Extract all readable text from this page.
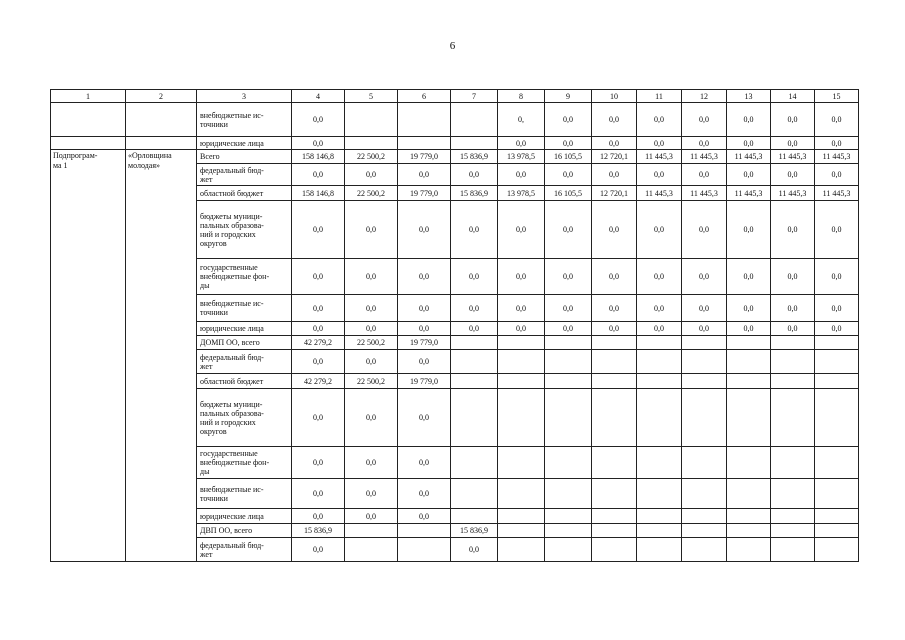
6
1	2	3	4	5	6	7	8	9	10	11	12	13	14	15
		внебюджетные ис-
точники	0,0				0,	0,0	0,0	0,0	0,0	0,0	0,0	0,0
		юридические лица	0,0				0,0	0,0	0,0	0,0	0,0	0,0	0,0	0,0
Подпрограм-
ма 1	«Орловщина молодая»	Всего	158 146,8	22 500,2	19 779,0	15 836,9	13 978,5	16 105,5	12 720,1	11 445,3	11 445,3	11 445,3	11 445,3	11 445,3
		федеральный бюд-
жет	0,0	0,0	0,0	0,0	0,0	0,0	0,0	0,0	0,0	0,0	0,0	0,0
		областной бюджет	158 146,8	22 500,2	19 779,0	15 836,9	13 978,5	16 105,5	12 720,1	11 445,3	11 445,3	11 445,3	11 445,3	11 445,3
		бюджеты муници-
пальных образова-
ний и городских
округов	0,0	0,0	0,0	0,0	0,0	0,0	0,0	0,0	0,0	0,0	0,0	0,0
		государственные
внебюджетные фон-
ды	0,0	0,0	0,0	0,0	0,0	0,0	0,0	0,0	0,0	0,0	0,0	0,0
		внебюджетные ис-
точники	0,0	0,0	0,0	0,0	0,0	0,0	0,0	0,0	0,0	0,0	0,0	0,0
		юридические лица	0,0	0,0	0,0	0,0	0,0	0,0	0,0	0,0	0,0	0,0	0,0	0,0
		ДОМП ОО, всего	42 279,2	22 500,2	19 779,0									
		федеральный бюд-
жет	0,0	0,0	0,0									
		областной бюджет	42 279,2	22 500,2	19 779,0									
		бюджеты муници-
пальных образова-
ний и городских
округов	0,0	0,0	0,0									
		государственные
внебюджетные фон-
ды	0,0	0,0	0,0									
		внебюджетные ис-
точники	0,0	0,0	0,0									
		юридические лица	0,0	0,0	0,0									
		ДВП ОО, всего	15 836,9			15 836,9								
		федеральный бюд-
жет	0,0			0,0								
